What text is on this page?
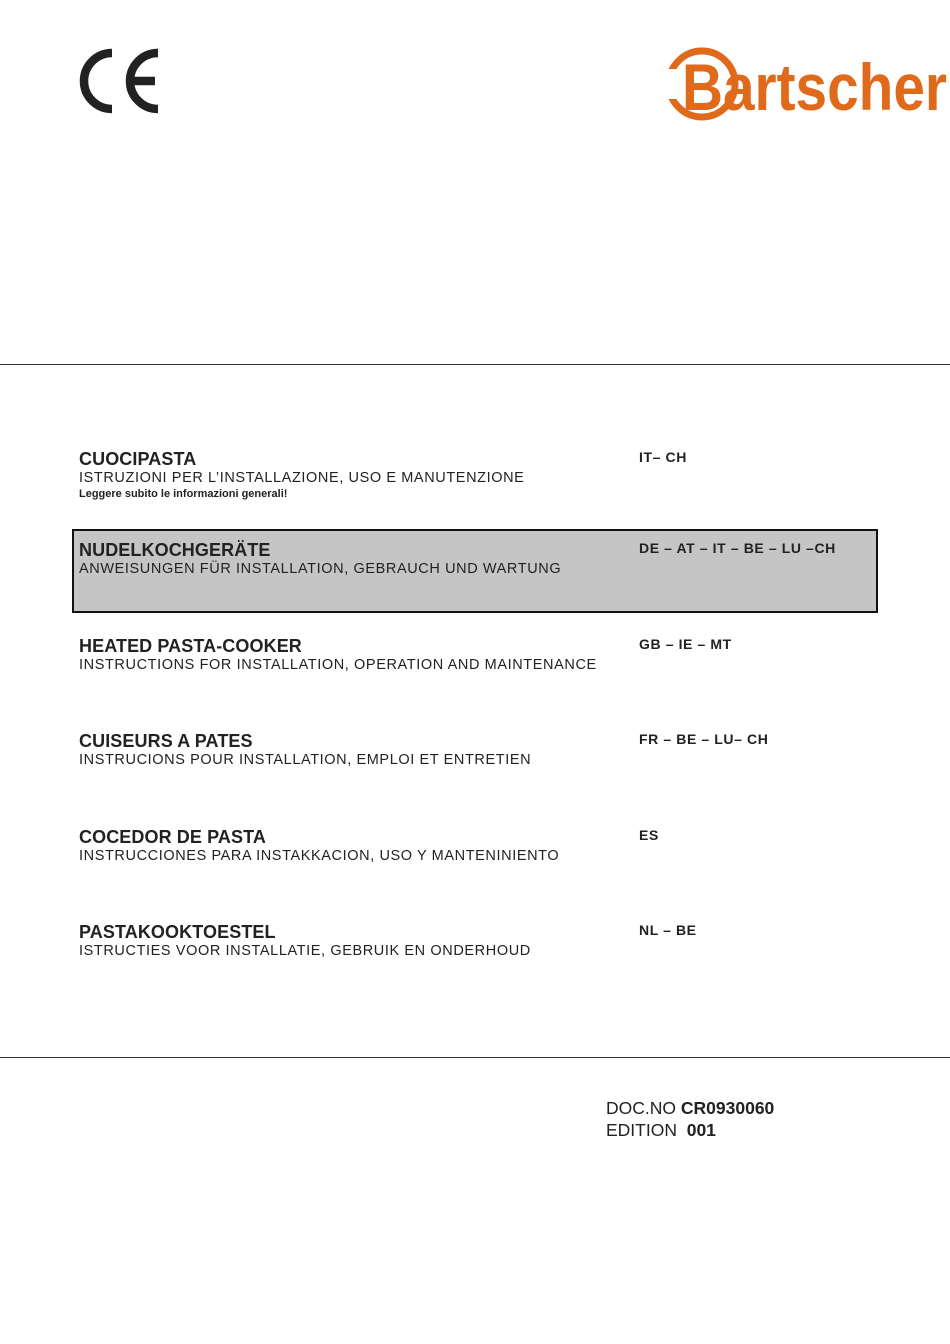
Bartscher
CUOCIPASTA
ISTRUZIONI PER L’INSTALLAZIONE, USO E MANUTENZIONE
Leggere subito le informazioni generali!
IT– CH
NUDELKOCHGERÄTE
ANWEISUNGEN FÜR INSTALLATION, GEBRAUCH UND WARTUNG
DE – AT – IT – BE – LU –CH
HEATED PASTA-COOKER
INSTRUCTIONS FOR INSTALLATION, OPERATION AND MAINTENANCE
GB – IE – MT
CUISEURS A PATES
INSTRUCIONS POUR INSTALLATION, EMPLOI ET ENTRETIEN
FR – BE – LU– CH
COCEDOR DE PASTA
INSTRUCCIONES PARA INSTAKKACION, USO Y MANTENINIENTO
ES
PASTAKOOKTOESTEL
ISTRUCTIES VOOR INSTALLATIE, GEBRUIK EN ONDERHOUD
NL – BE
DOC.NO CR0930060
EDITION 001
